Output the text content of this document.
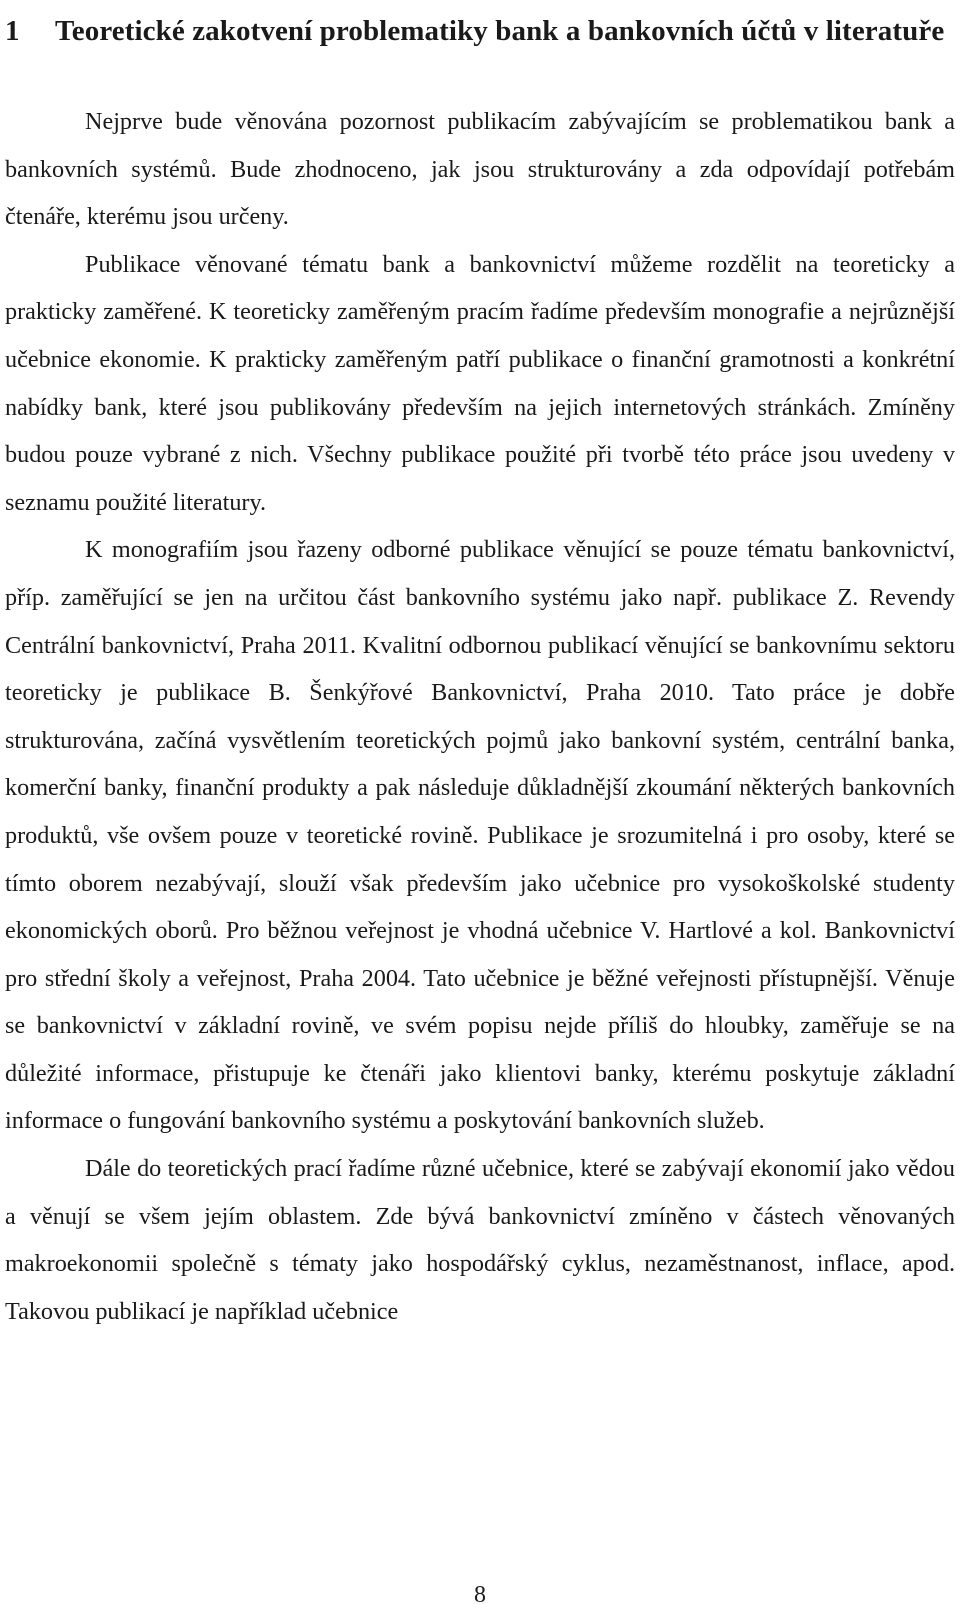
1	Teoretické zakotvení problematiky bank a bankovních účtů v literatuře

Nejprve bude věnována pozornost publikacím zabývajícím se problematikou bank a bankovních systémů. Bude zhodnoceno, jak jsou strukturovány a zda odpovídají potřebám čtenáře, kterému jsou určeny.

Publikace věnované tématu bank a bankovnictví můžeme rozdělit na teoreticky a prakticky zaměřené. K teoreticky zaměřeným pracím řadíme především monografie a nejrůznější učebnice ekonomie. K prakticky zaměřeným patří publikace o finanční gramotnosti a konkrétní nabídky bank, které jsou publikovány především na jejich internetových stránkách. Zmíněny budou pouze vybrané z nich. Všechny publikace použité při tvorbě této práce jsou uvedeny v seznamu použité literatury.

K monografiím jsou řazeny odborné publikace věnující se pouze tématu bankovnictví, příp. zaměřující se jen na určitou část bankovního systému jako např. publikace Z. Revendy Centrální bankovnictví, Praha 2011. Kvalitní odbornou publikací věnující se bankovnímu sektoru teoreticky je publikace B. Šenkýřové Bankovnictví, Praha 2010. Tato práce je dobře strukturována, začíná vysvětlením teoretických pojmů jako bankovní systém, centrální banka, komerční banky, finanční produkty a pak následuje důkladnější zkoumání některých bankovních produktů, vše ovšem pouze v teoretické rovině. Publikace je srozumitelná i pro osoby, které se tímto oborem nezabývají, slouží však především jako učebnice pro vysokoškolské studenty ekonomických oborů. Pro běžnou veřejnost je vhodná učebnice V. Hartlové a kol. Bankovnictví pro střední školy a veřejnost, Praha 2004. Tato učebnice je běžné veřejnosti přístupnější. Věnuje se bankovnictví v základní rovině, ve svém popisu nejde příliš do hloubky, zaměřuje se na důležité informace, přistupuje ke čtenáři jako klientovi banky, kterému poskytuje základní informace o fungování bankovního systému a poskytování bankovních služeb.

Dále do teoretických prací řadíme různé učebnice, které se zabývají ekonomií jako vědou a věnují se všem jejím oblastem. Zde bývá bankovnictví zmíněno v částech věnovaných makroekonomii společně s tématy jako hospodářský cyklus, nezaměstnanost, inflace, apod. Takovou publikací je například učebnice

8
